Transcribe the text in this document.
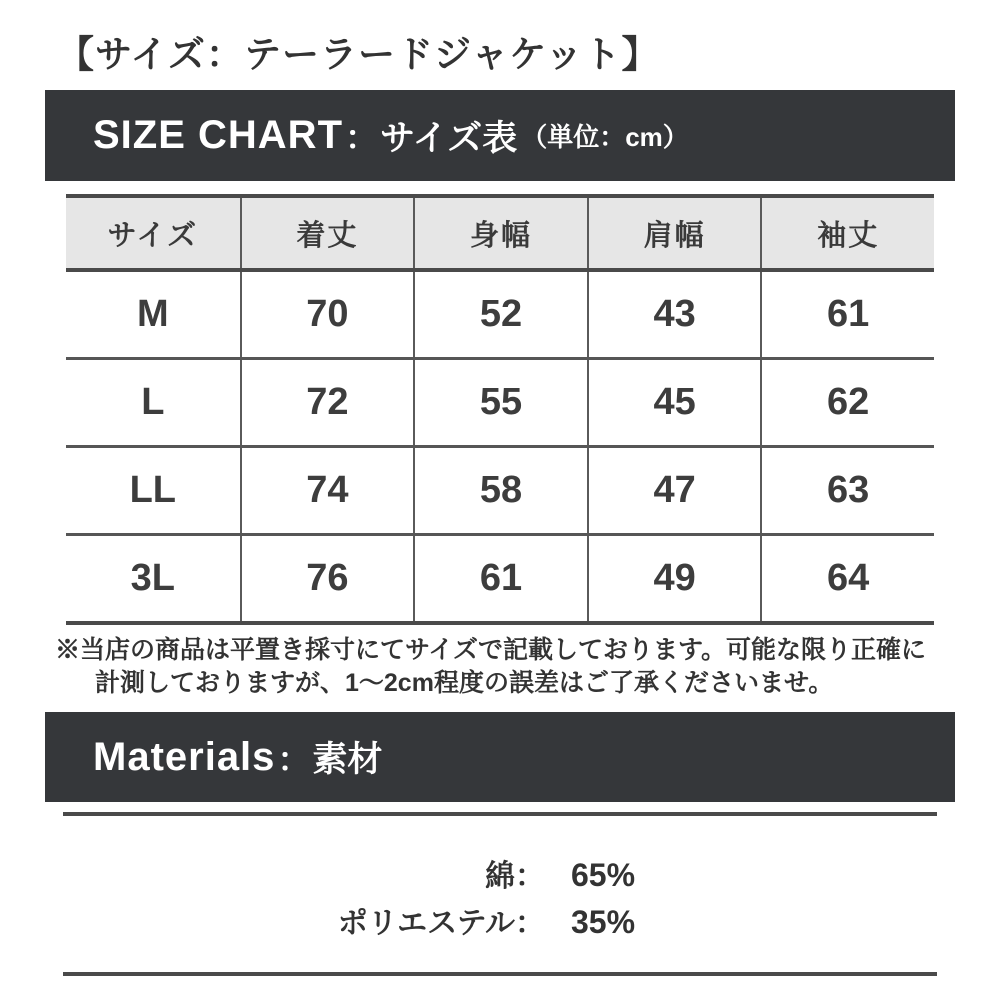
【サイズ：テーラードジャケット】
SIZE CHART ： サイズ表 （単位：cm）
サイズ	着丈	身幅	肩幅	袖丈
M	70	52	43	61
L	72	55	45	62
LL	74	58	47	63
3L	76	61	49	64

※当店の商品は平置き採寸にてサイズで記載しております。可能な限り正確に
計測しておりますが、1〜2cm程度の誤差はご了承くださいませ。

Materials ： 素材
綿： 65%
ポリエステル： 35%
